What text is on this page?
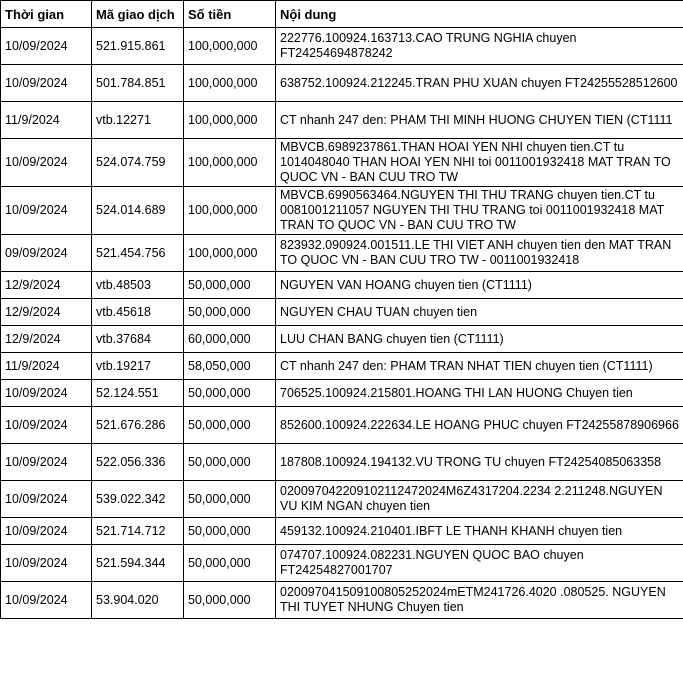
Thời gian	Mã giao dịch	Số tiền	Nội dung
10/09/2024	521.915.861	100,000,000	222776.100924.163713.CAO TRUNG NGHIA chuyen FT24254694878242
10/09/2024	501.784.851	100,000,000	638752.100924.212245.TRAN PHU XUAN chuyen FT24255528512600
11/9/2024	vtb.12271	100,000,000	CT nhanh 247 den: PHAM THI MINH HUONG CHUYEN TIEN (CT1111
10/09/2024	524.074.759	100,000,000	MBVCB.6989237861.THAN HOAI YEN NHI chuyen tien.CT tu 1014048040 THAN HOAI YEN NHI toi 0011001932418 MAT TRAN TO QUOC VN - BAN CUU TRO TW
10/09/2024	524.014.689	100,000,000	MBVCB.6990563464.NGUYEN THI THU TRANG chuyen tien.CT tu 0081001211057 NGUYEN THI THU TRANG toi 0011001932418 MAT TRAN TO QUOC VN - BAN CUU TRO TW
09/09/2024	521.454.756	100,000,000	823932.090924.001511.LE THI VIET ANH chuyen tien den MAT TRAN TO QUOC VN - BAN CUU TRO TW - 0011001932418
12/9/2024	vtb.48503	50,000,000	NGUYEN VAN HOANG chuyen tien (CT1111)
12/9/2024	vtb.45618	50,000,000	NGUYEN CHAU TUAN chuyen tien
12/9/2024	vtb.37684	60,000,000	LUU CHAN BANG chuyen tien (CT1111)
11/9/2024	vtb.19217	58,050,000	CT nhanh 247 den: PHAM TRAN NHAT TIEN chuyen tien (CT1111)
10/09/2024	52.124.551	50,000,000	706525.100924.215801.HOANG THI LAN HUONG Chuyen tien
10/09/2024	521.676.286	50,000,000	852600.100924.222634.LE HOANG PHUC chuyen FT24255878906966
10/09/2024	522.056.336	50,000,000	187808.100924.194132.VU TRONG TU chuyen FT24254085063358
10/09/2024	539.022.342	50,000,000	020097042209102112472024M6Z4317204.2234 2.211248.NGUYEN VU KIM NGAN chuyen tien
10/09/2024	521.714.712	50,000,000	459132.100924.210401.IBFT LE THANH KHANH chuyen tien
10/09/2024	521.594.344	50,000,000	074707.100924.082231.NGUYEN QUOC BAO chuyen FT24254827001707
10/09/2024	53.904.020	50,000,000	020097041509100805252024mETM241726.4020 .080525. NGUYEN THI TUYET NHUNG Chuyen tien
